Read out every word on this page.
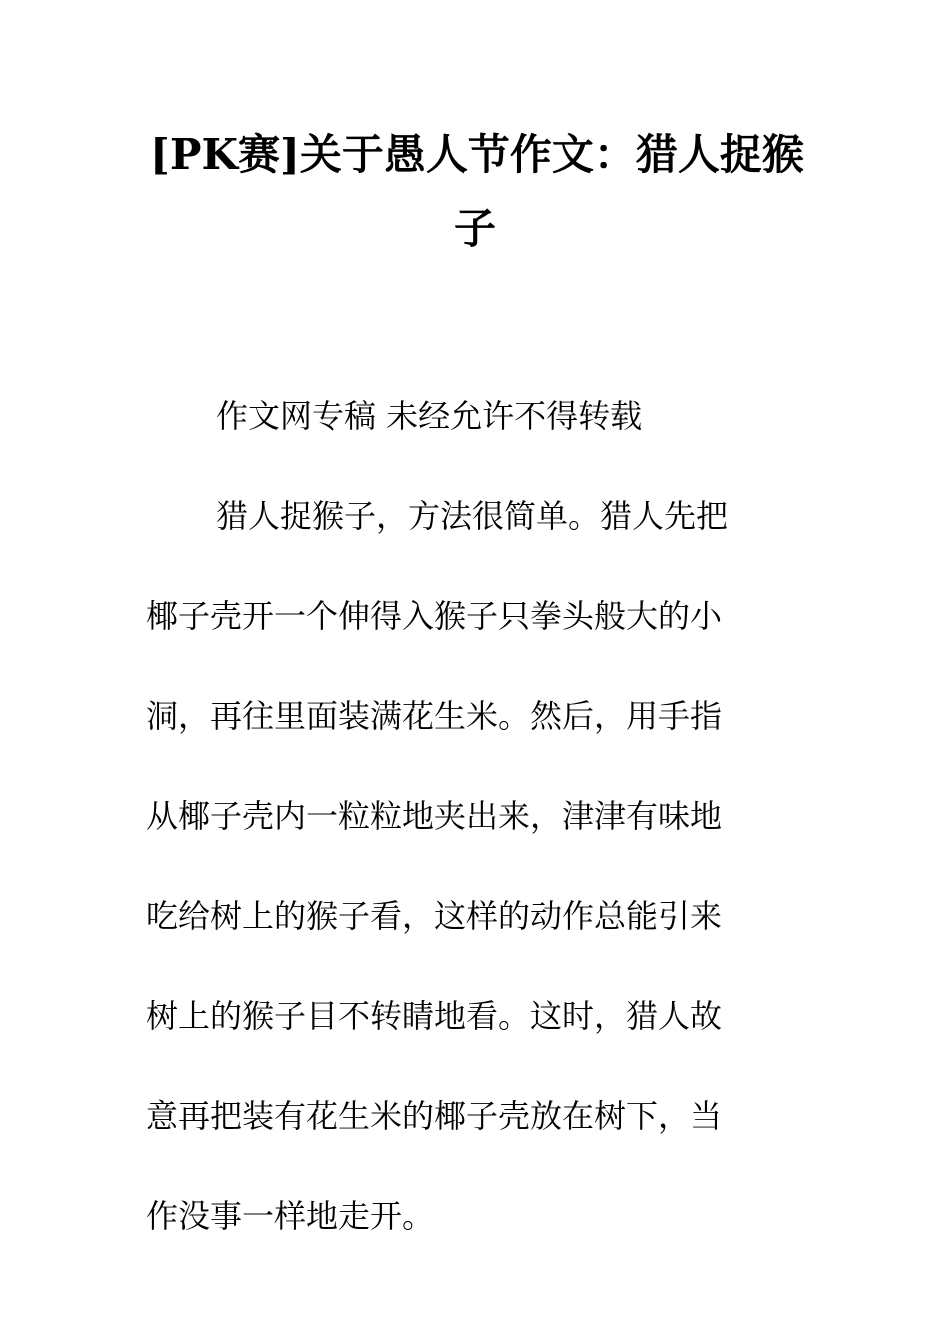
[PK赛]关于愚人节作文：猎人捉猴
子
作文网专稿 未经允许不得转载
猎人捉猴子，方法很简单。猎人先把
椰子壳开一个伸得入猴子只拳头般大的小
洞，再往里面装满花生米。然后，用手指
从椰子壳内一粒粒地夹出来，津津有味地
吃给树上的猴子看，这样的动作总能引来
树上的猴子目不转睛地看。这时，猎人故
意再把装有花生米的椰子壳放在树下，当
作没事一样地走开。
